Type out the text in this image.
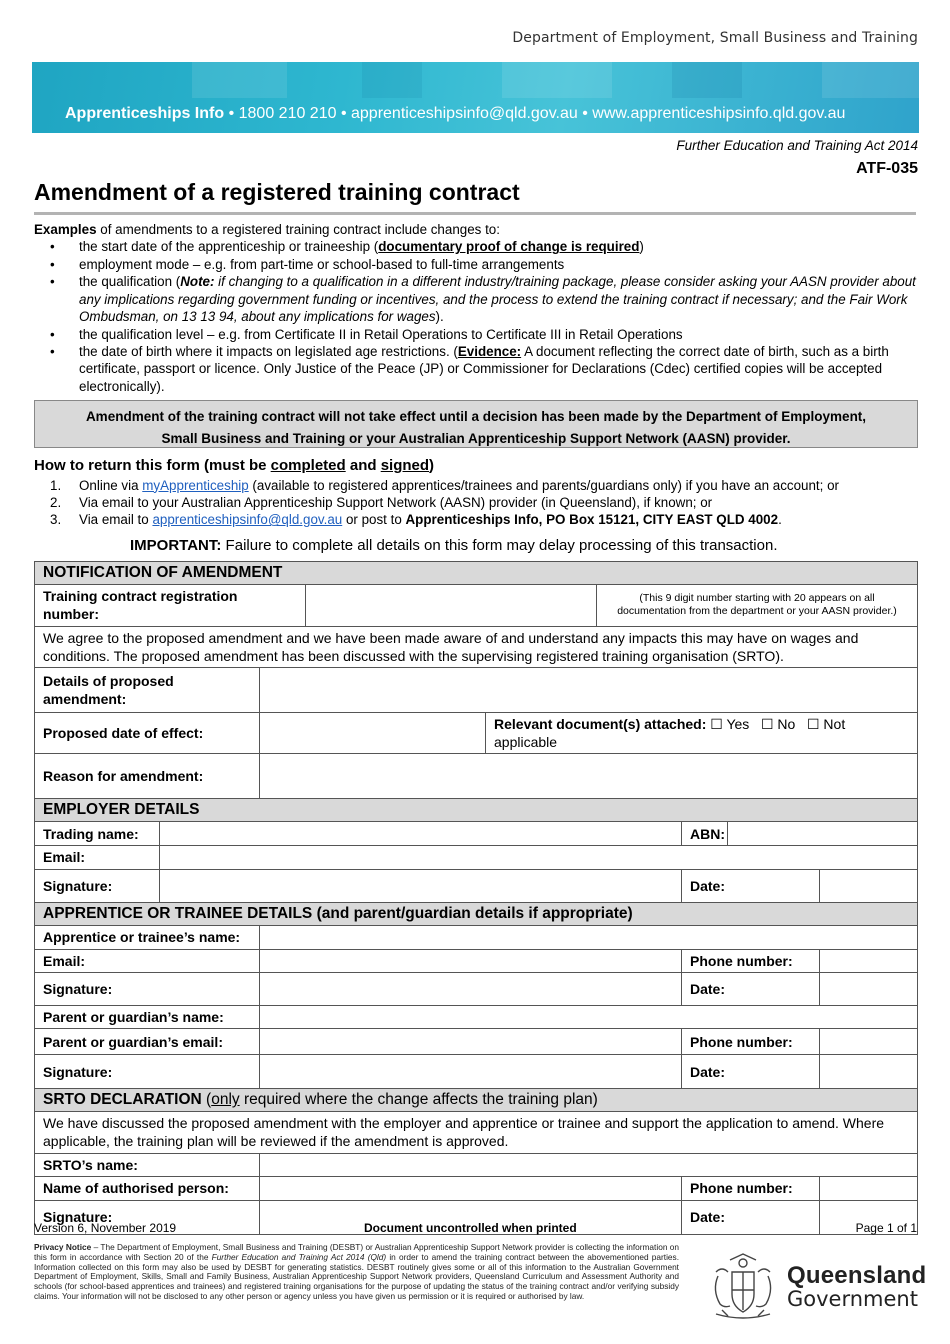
Department of Employment, Small Business and Training
Apprenticeships Info • 1800 210 210 • apprenticeshipsinfo@qld.gov.au • www.apprenticeshipsinfo.qld.gov.au
Further Education and Training Act 2014
ATF-035
Amendment of a registered training contract
Examples of amendments to a registered training contract include changes to:
• the start date of the apprenticeship or traineeship (documentary proof of change is required)
• employment mode – e.g. from part-time or school-based to full-time arrangements
• the qualification (Note: if changing to a qualification in a different industry/training package, please consider asking your AASN provider about any implications regarding government funding or incentives, and the process to extend the training contract if necessary; and the Fair Work Ombudsman, on 13 13 94, about any implications for wages).
• the qualification level – e.g. from Certificate II in Retail Operations to Certificate III in Retail Operations
• the date of birth where it impacts on legislated age restrictions. (Evidence: A document reflecting the correct date of birth, such as a birth certificate, passport or licence. Only Justice of the Peace (JP) or Commissioner for Declarations (Cdec) certified copies will be accepted electronically).
Amendment of the training contract will not take effect until a decision has been made by the Department of Employment,
Small Business and Training or your Australian Apprenticeship Support Network (AASN) provider.
How to return this form (must be completed and signed)
1. Online via myApprenticeship (available to registered apprentices/trainees and parents/guardians only) if you have an account; or
2. Via email to your Australian Apprenticeship Support Network (AASN) provider (in Queensland), if known; or
3. Via email to apprenticeshipsinfo@qld.gov.au or post to Apprenticeships Info, PO Box 15121, CITY EAST QLD 4002.
IMPORTANT: Failure to complete all details on this form may delay processing of this transaction.
NOTIFICATION OF AMENDMENT								
Training contract registration number:					(This 9 digit number starting with 20 appears on all documentation from the department or your AASN provider.)			
We agree to the proposed amendment and we have been made aware of and understand any impacts this may have on wages and conditions. The proposed amendment has been discussed with the supervising registered training organisation (SRTO).								
Details of proposed amendment:								
Proposed date of effect:				Relevant document(s) attached: ☐ Yes ☐ No ☐ Not applicable				
Reason for amendment:								
EMPLOYER DETAILS								
Trading name:						ABN:		
Email:								
Signature:						Date:		
APPRENTICE OR TRAINEE DETAILS (and parent/guardian details if appropriate)								
Apprentice or trainee’s name:								
Email:						Phone number:		
Signature:						Date:		
Parent or guardian’s name:								
Parent or guardian’s email:						Phone number:		
Signature:						Date:		
SRTO DECLARATION (only required where the change affects the training plan)								
We have discussed the proposed amendment with the employer and apprentice or trainee and support the application to amend. Where applicable, the training plan will be reviewed if the amendment is approved.								
SRTO’s name:								
Name of authorised person:						Phone number:		
Signature:						Date:		
Version 6, November 2019	Document uncontrolled when printed	Page 1 of 1
Privacy Notice – The Department of Employment, Small Business and Training (DESBT) or Australian Apprenticeship Support Network provider is collecting the information on this form in accordance with Section 20 of the Further Education and Training Act 2014 (Qld) in order to amend the training contract between the abovementioned parties. Information collected on this form may also be used by DESBT for generating statistics. DESBT routinely gives some or all of this information to the Australian Government Department of Employment, Skills, Small and Family Business, Australian Apprenticeship Support Network providers, Queensland Curriculum and Assessment Authority and schools (for school-based apprentices and trainees) and registered training organisations for the purpose of updating the status of the training contract and/or verifying subsidy claims. Your information will not be disclosed to any other person or agency unless you have given us permission or it is required or authorised by law.
Queensland
Government
